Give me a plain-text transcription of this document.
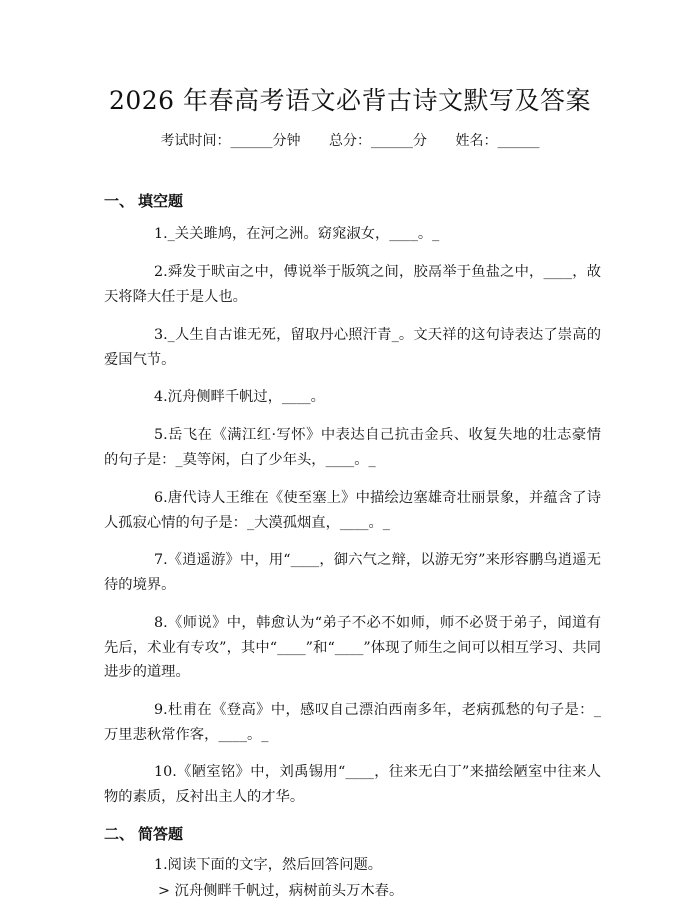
2026 年春高考语文必背古诗文默写及答案
考试时间：______分钟 总分：______分 姓名：______
一、 填空题
1._关关雎鸠，在河之洲。窈窕淑女，____。_
2.舜发于畎亩之中，傅说举于版筑之间，胶鬲举于鱼盐之中，____，故天将降大任于是人也。
3._人生自古谁无死，留取丹心照汗青_。文天祥的这句诗表达了崇高的爱国气节。
4.沉舟侧畔千帆过，____。
5.岳飞在《满江红·写怀》中表达自己抗击金兵、收复失地的壮志豪情的句子是：_莫等闲，白了少年头，____。_
6.唐代诗人王维在《使至塞上》中描绘边塞雄奇壮丽景象，并蕴含了诗人孤寂心情的句子是：_大漠孤烟直，____。_
7.《逍遥游》中，用“____，御六气之辩，以游无穷”来形容鹏鸟逍遥无待的境界。
8.《师说》中，韩愈认为“弟子不必不如师，师不必贤于弟子，闻道有先后，术业有专攻”，其中“____”和“____”体现了师生之间可以相互学习、共同进步的道理。
9.杜甫在《登高》中，感叹自己漂泊西南多年，老病孤愁的句子是：_万里悲秋常作客，____。_
10.《陋室铭》中，刘禹锡用“____，往来无白丁”来描绘陋室中往来人物的素质，反衬出主人的才华。
二、 简答题
1.阅读下面的文字，然后回答问题。
> 沉舟侧畔千帆过，病树前头万木春。
